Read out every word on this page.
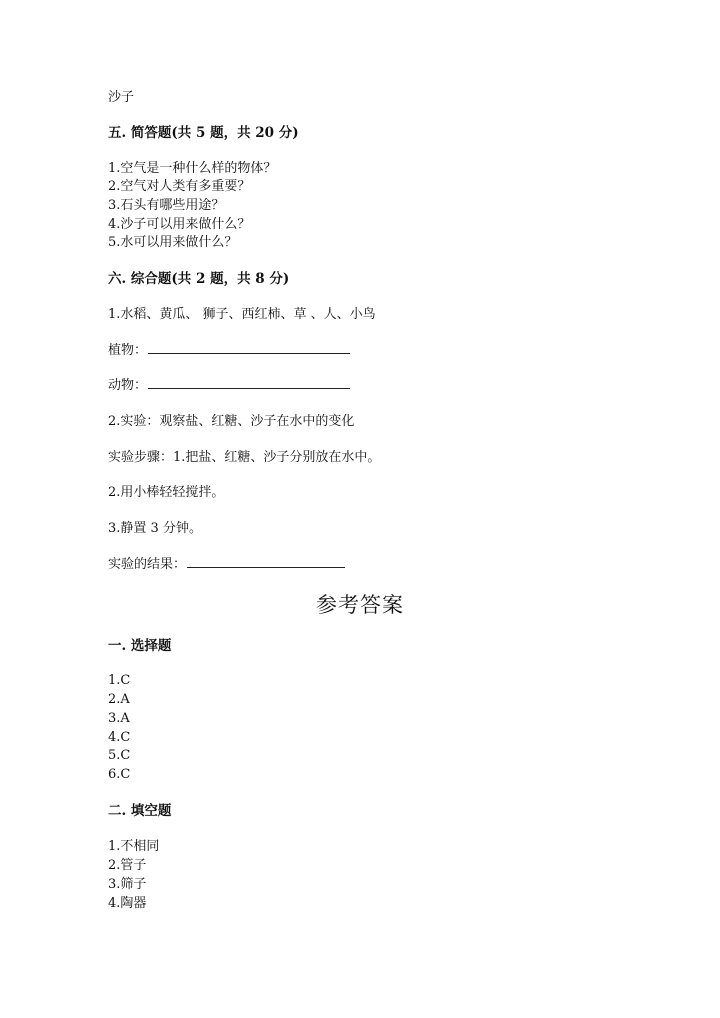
沙子
五. 简答题(共 5 题，共 20 分)
1.空气是一种什么样的物体？
2.空气对人类有多重要？
3.石头有哪些用途？
4.沙子可以用来做什么？
5.水可以用来做什么？
六. 综合题(共 2 题，共 8 分)
1.水稻、黄瓜、 狮子、西红柿、草 、人、小鸟
植物：
动物：
2.实验：观察盐、红糖、沙子在水中的变化
实验步骤：1.把盐、红糖、沙子分别放在水中。
2.用小棒轻轻搅拌。
3.静置 3 分钟。
实验的结果：
参考答案
一. 选择题
1.C
2.A
3.A
4.C
5.C
6.C
二. 填空题
1.不相同
2.管子
3.筛子
4.陶器
